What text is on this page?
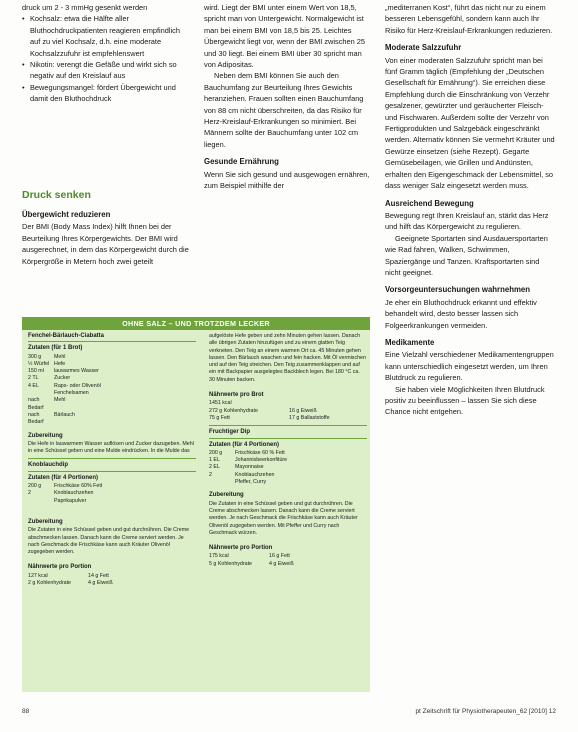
druck um 2 - 3 mmHg gesenkt werden

• Kochsalz: etwa die Hälfte aller Bluthochdruckpatienten reagieren empfindlich auf zu viel Kochsalz, d.h. eine moderate Kochsalzzufuhr ist empfehlenswert
• Nikotin: verengt die Gefäße und wirkt sich so negativ auf den Kreislauf aus
• Bewegungsmangel: fördert Übergewicht und damit den Bluthochdruck
Druck senken
Übergewicht reduzieren

Der BMI (Body Mass Index) hilft Ihnen bei der Beurteilung Ihres Körpergewichts. Der BMI wird ausgerechnet, in dem das Körpergewicht durch die Körpergröße in Metern hoch zwei geteilt

wird. Liegt der BMI unter einem Wert von 18,5, spricht man von Untergewicht. Normalgewicht ist man bei einem BMI von 18,5 bis 25. Leichtes Übergewicht liegt vor, wenn der BMI zwischen 25 und 30 liegt. Bei einem BMI über 30 spricht man von Adipositas.

Neben dem BMI können Sie auch den Bauchumfang zur Beurteilung Ihres Gewichts heranziehen. Frauen sollten einen Bauchumfang von 88 cm nicht überschreiten, da das Risiko für Herz-Kreislauf-Erkrankungen so minimiert. Bei Männern sollte der Bauchumfang unter 102 cm liegen.

Gesunde Ernährung

Wenn Sie sich gesund und ausgewogen ernähren, zum Beispiel mithilfe der

„mediterranen Kost“, führt das nicht nur zu einem besseren Lebensgefühl, sondern kann auch Ihr Risiko für Herz-Kreislauf-Erkrankungen reduzieren.

Moderate Salzzufuhr

Von einer moderaten Salzzufuhr spricht man bei fünf Gramm täglich (Empfehlung der „Deutschen Gesellschaft für Ernährung“). Sie erreichen diese Empfehlung durch die Einschränkung von Verzehr gesalzener, gewürzter und geräucherter Fleisch- und Fischwaren. Außerdem sollte der Verzehr von Fertigprodukten und Salzgebäck eingeschränkt werden. Alternativ können Sie vermehrt Kräuter und Gewürze einsetzen (siehe Rezept). Gegarte Gemüsebeilagen, wie Grillen und Andünsten, erhalten den Eigengeschmack der Lebensmittel, so dass weniger Salz eingesetzt werden muss.

Ausreichend Bewegung

Bewegung regt Ihren Kreislauf an, stärkt das Herz und hilft das Körpergewicht zu regulieren.

Geeignete Sportarten sind Ausdauersportarten wie Rad fahren, Walken, Schwimmen, Spaziergänge und Tanzen. Kraftsportarten sind nicht geeignet.

Vorsorgeuntersuchungen wahrnehmen

Je eher ein Bluthochdruck erkannt und effektiv behandelt wird, desto besser lassen sich Folgeerkrankungen vermeiden.

Medikamente

Eine Vielzahl verschiedener Medikamentengruppen kann unterschiedlich eingesetzt werden, um Ihren Blutdruck zu regulieren.

Sie haben viele Möglichkeiten Ihren Blutdruck positiv zu beeinflussen – lassen Sie sich diese Chance nicht entgehen.

OHNE SALZ – UND TROTZDEM LECKER
Fenchel-Bärlauch-Ciabatta
Zutaten (für 1 Brot)
300 g	Mehl
½ Würfel Hefe
150 ml	lauwarmes Wasser
2 TL	Zucker
4 EL	Raps- oder Olivenöl
Fenchelsamen
nach Bedarf
Mehl
nach Bedarf
Bärlauch
Zubereitung
Die Hefe in lauwarmem Wasser auflösen und Zucker dazugeben. Mehl in eine Schüssel geben und eine Mulde eindrücken. In die Mulde das
Knoblauchdip
Zutaten (für 4 Portionen)
200 g	Frischkäse 60% Fett
2	Knoblauchzehen
Paprikapulver
Zubereitung
Die Zutaten in eine Schüssel geben und gut durchrühren. Die Creme abschmecken lassen. Danach kann die Creme serviert werden. Je nach Geschmack die Frischkäse kann auch Kräuter Olivenöl zugegeben werden.
Nährwerte pro Portion
127 kcal	14 g Fett
2 g Kohlenhydrate	4 g Eiweiß
aufgelöste Hefe geben und zehn Minuten gehen lassen. Danach alle übrigen Zutaten hinzufügen und zu einem glatten Teig verkneten. Den Teig an einem warmen Ort ca. 45 Minuten gehen lassen. Den Bärlauch waschen und fein hacken. Mit Öl vermischen und auf den Teig streichen. Den Teig zusammenklappen und auf ein mit Backpapier ausgelegtes Backblech legen. Bei 180 °C ca. 30 Minuten backen.
Nährwerte pro Brot
1451 kcal
272 g Kohlenhydrate	16 g Eiweiß
75 g Fett	17 g Ballaststoffe
Fruchtiger Dip
Zutaten (für 4 Portionen)
200 g	Frischkäse 60 % Fett
1 EL	Johannisbeerkonfitüre
2 EL	Mayonnaise
2	Knoblauchzehen
Pfeffer, Curry
Zubereitung
Die Zutaten in eine Schüssel geben und gut durchrühren. Die Creme abschmecken lassen. Danach kann die Creme serviert werden. Je nach Geschmack die Frischkäse kann auch Kräuter Olivenöl zugegeben werden. Mit Pfeffer und Curry nach Geschmack würzen.
Nährwerte pro Portion
175 kcal	16 g Fett
5 g Kohlenhydrate	4 g Eiweiß
88	pt Zeitschrift für Physiotherapeuten_62 [2010] 12
